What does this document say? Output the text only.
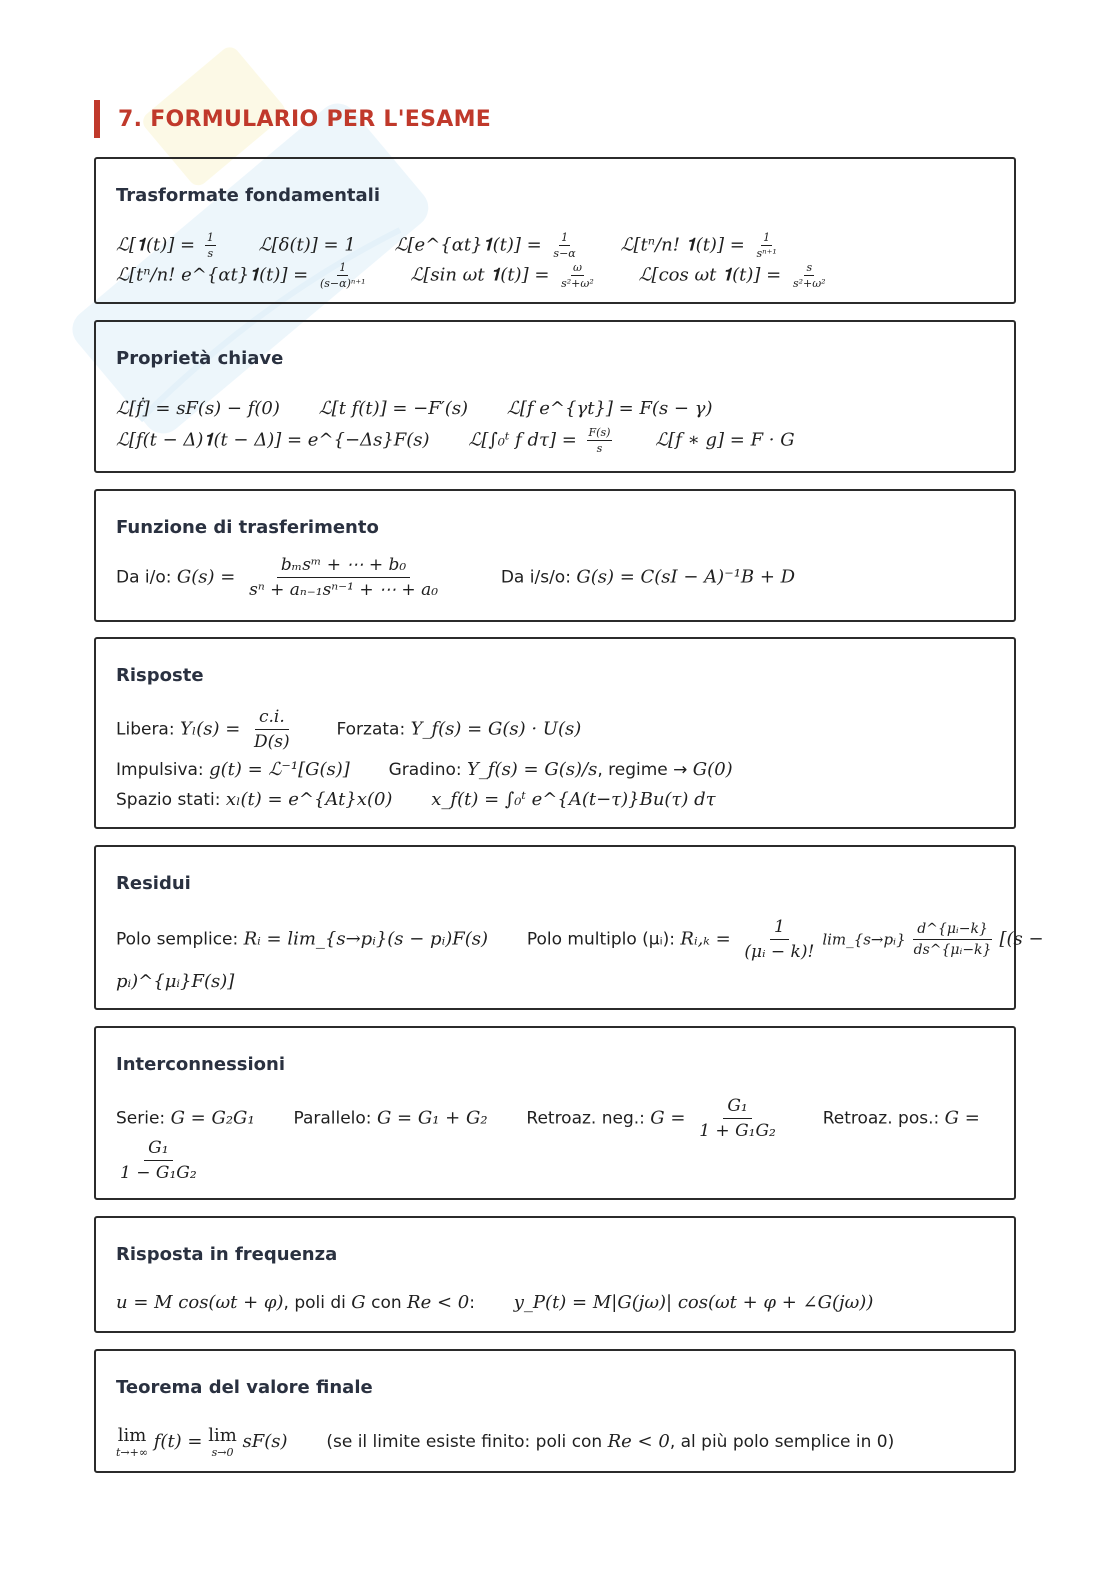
7. FORMULARIO PER L'ESAME
Trasformate fondamentali
ℒ[𝟏(t)] = $\frac{1}{s}$ ℒ[δ(t)] = 1 ℒ[e^{αt}𝟏(t)] = $\frac{1}{s-\alpha}$ ℒ[tⁿ/n! 𝟏(t)] = $\frac{1}{\text{sⁿ⁺¹}}$
ℒ[tⁿ/n! e^{αt}𝟏(t)] = $\frac{1}{\text{(s−α)ⁿ⁺¹}}$ ℒ[sin ωt 𝟏(t)] = $\frac{\omega}{\text{s²+ω²}}$ ℒ[cos ωt 𝟏(t)] = $\frac{s}{\text{s²+ω²}}$
Proprietà chiave
ℒ[ḟ] = sF(s) − f(0) ℒ[t f(t)] = −F′(s) ℒ[f e^{γt}] = F(s − γ)
ℒ[f(t − Δ)𝟏(t − Δ)] = e^{−Δs}F(s) ℒ[∫₀ᵗ f $d\tau] = \frac{F(s)}{s}$ ℒ[f ∗ g] = F · G
Funzione di trasferimento
Da i/o: $G(s) = \frac{\text{bₘsᵐ + ⋯ + b₀}}{\text{sⁿ + aₙ₋₁sⁿ⁻¹ + ⋯ + a₀}}$	Da i/s/o: G(s) = C(sI − A)⁻¹B + D
Risposte
Libera: $Y_l(s) = \frac{c.i.}{D(s)}$	Forzata: Y_f(s) = G(s) · U(s)
Impulsiva: g(t) = ℒ⁻¹[G(s)] Gradino: Y_f(s) = G(s)/s, regime → G(0)
Spazio stati: xₗ(t) = e^{At}x(0) x_f(t) = ∫₀ᵗ e^{A(t−τ)}Bu(τ) dτ
Residui
Polo semplice: Rᵢ = lim_{s→pᵢ}(s − pᵢ)F(s) Polo multiplo (μᵢ): Rᵢ,ₖ = $\frac{1}{\text{(μᵢ − k)!}}$ lim_{s→pᵢ} $\frac{\text{d\textasciicircum{}\{μᵢ−k\}}}{\text{ds\textasciicircum{}\{μᵢ−k\}}} [(s$ −
pᵢ)^{μᵢ}F(s)]
Interconnessioni
Serie: G = G₂G₁ Parallelo: G = G₁ + G₂ Retroaz. neg.: $G = \frac{\text{G₁}}{\text{1 + G₁G₂}}$	Retroaz. pos.: G =
$\frac{\text{G₁}}{\text{1 − G₁G₂}}$
Risposta in frequenza
u = M cos(ωt + φ), poli di G con Re < 0: y_P(t) = M|G(jω)| cos(ωt + φ + ∠G(jω))
Teorema del valore finale
lim
t→+∞
f(t) = lim
s→0
sF(s) (se il limite esiste finito: poli con Re < 0, al più polo semplice in 0)
